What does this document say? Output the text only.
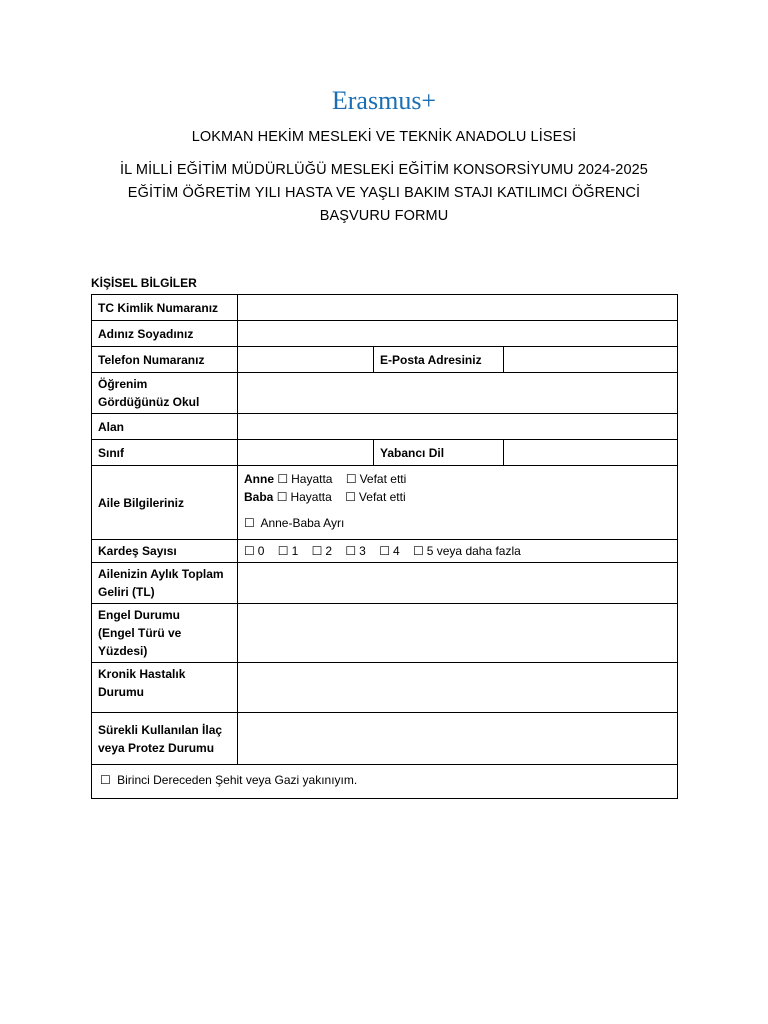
Erasmus+
LOKMAN HEKİM MESLEKİ VE TEKNİK ANADOLU LİSESİ
İL MİLLİ EĞİTİM MÜDÜRLÜĞÜ MESLEKİ EĞİTİM KONSORSİYUMU 2024-2025
EĞİTİM ÖĞRETİM YILI HASTA VE YAŞLI BAKIM STAJI KATILIMCI ÖĞRENCİ
BAŞVURU FORMU
KİŞİSEL BİLGİLER
TC Kimlik Numaranız			
Adınız Soyadınız			
Telefon Numaranız		E-Posta Adresiniz	

Öğrenim
Gördüğünüz Okul			

Alan			
Sınıf		Yabancı Dil	
Aile Bilgileriniz	Anne ☐ Hayatta ☐ Vefat etti
Baba ☐ Hayatta ☐ Vefat etti
☐ Anne-Baba Ayrı		

Kardeş Sayısı	☐ 0 ☐ 1 ☐ 2 ☐ 3 ☐ 4 ☐ 5 veya daha fazla		

Ailenizin Aylık Toplam
Geliri (TL)			

Engel Durumu
(Engel Türü ve
Yüzdesi)			

Kronik Hastalık
Durumu			

Sürekli Kullanılan İlaç
veya Protez Durumu			

☐ Birinci Dereceden Şehit veya Gazi yakınıyım.			
